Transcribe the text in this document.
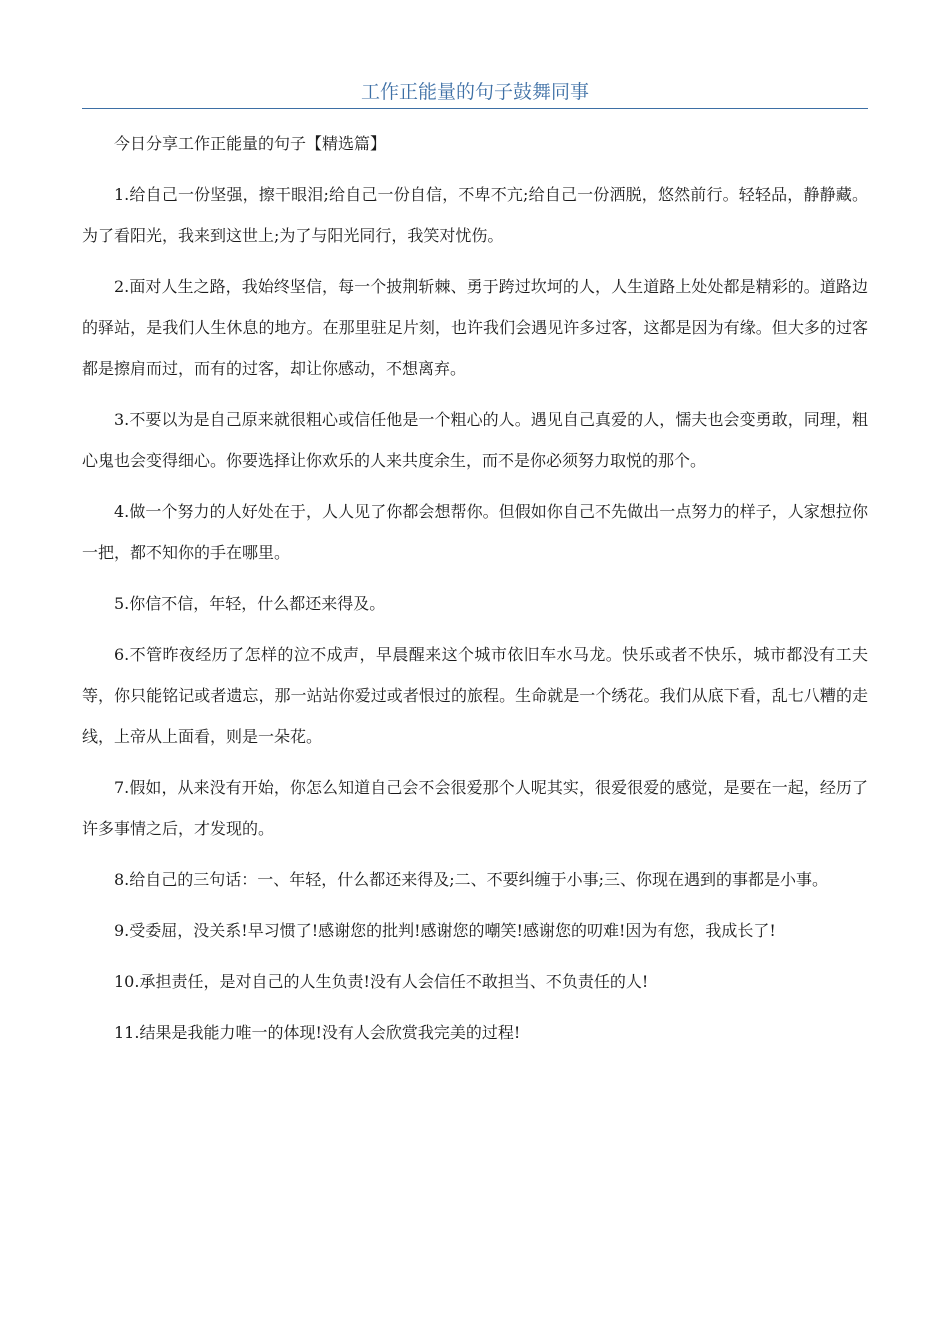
工作正能量的句子鼓舞同事

今日分享工作正能量的句子【精选篇】

1.给自己一份坚强，擦干眼泪;给自己一份自信，不卑不亢;给自己一份洒脱，悠然前行。轻轻品，静静藏。为了看阳光，我来到这世上;为了与阳光同行，我笑对忧伤。

2.面对人生之路，我始终坚信，每一个披荆斩棘、勇于跨过坎坷的人，人生道路上处处都是精彩的。道路边的驿站，是我们人生休息的地方。在那里驻足片刻，也许我们会遇见许多过客，这都是因为有缘。但大多的过客都是擦肩而过，而有的过客，却让你感动，不想离弃。

3.不要以为是自己原来就很粗心或信任他是一个粗心的人。遇见自己真爱的人，懦夫也会变勇敢，同理，粗心鬼也会变得细心。你要选择让你欢乐的人来共度余生，而不是你必须努力取悦的那个。

4.做一个努力的人好处在于，人人见了你都会想帮你。但假如你自己不先做出一点努力的样子，人家想拉你一把，都不知你的手在哪里。

5.你信不信，年轻，什么都还来得及。

6.不管昨夜经历了怎样的泣不成声，早晨醒来这个城市依旧车水马龙。快乐或者不快乐，城市都没有工夫等，你只能铭记或者遗忘，那一站站你爱过或者恨过的旅程。生命就是一个绣花。我们从底下看，乱七八糟的走线，上帝从上面看，则是一朵花。

7.假如，从来没有开始，你怎么知道自己会不会很爱那个人呢其实，很爱很爱的感觉，是要在一起，经历了许多事情之后，才发现的。

8.给自己的三句话：一、年轻，什么都还来得及;二、不要纠缠于小事;三、你现在遇到的事都是小事。

9.受委屈，没关系!早习惯了!感谢您的批判!感谢您的嘲笑!感谢您的叨难!因为有您，我成长了!

10.承担责任，是对自己的人生负责!没有人会信任不敢担当、不负责任的人!

11.结果是我能力唯一的体现!没有人会欣赏我完美的过程!
